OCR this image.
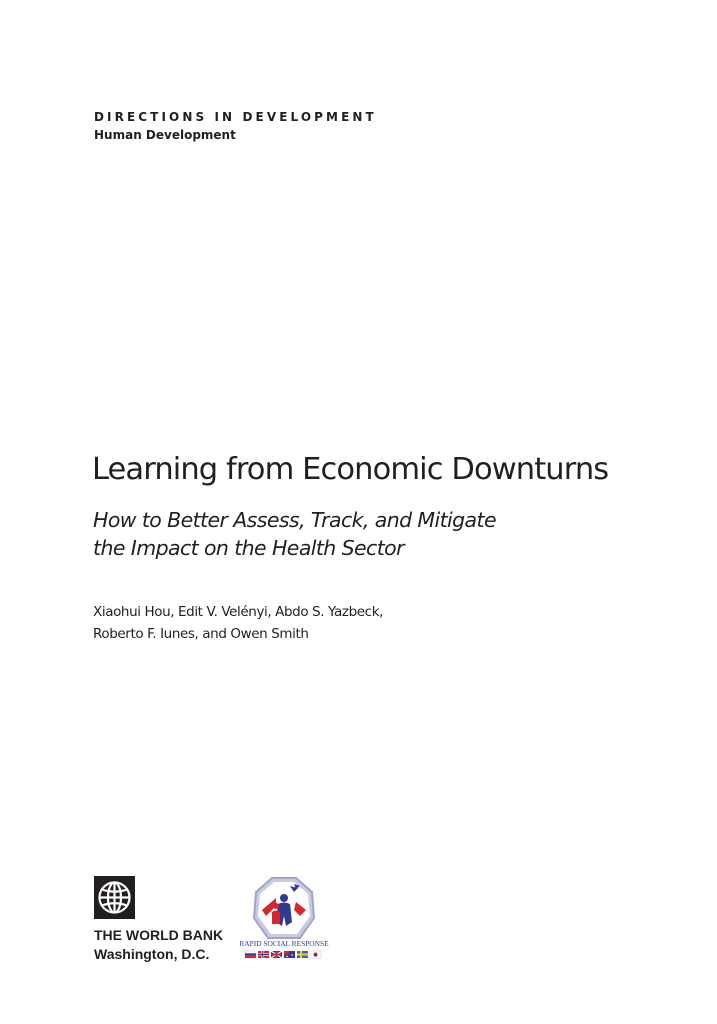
DIRECTIONS IN DEVELOPMENT
Human Development
Learning from Economic Downturns
How to Better Assess, Track, and Mitigate
the Impact on the Health Sector
Xiaohui Hou, Edit V. Velényi, Abdo S. Yazbeck,
Roberto F. Iunes, and Owen Smith
THE WORLD BANK
Washington, D.C.
RAPID SOCIAL RESPONSE
